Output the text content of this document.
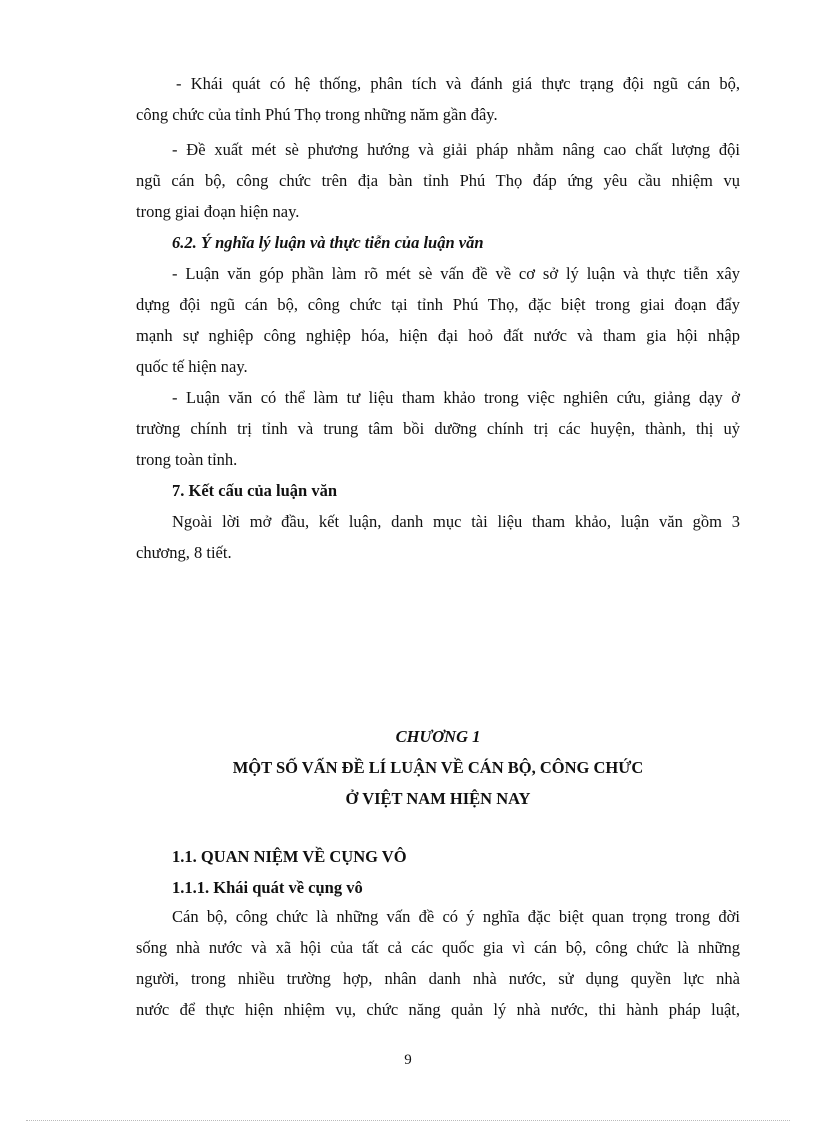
- Khái quát có hệ thống, phân tích và đánh giá thực trạng đội ngũ cán bộ,
công chức của tỉnh Phú Thọ trong những năm gần đây.
- Đề xuất mét sè phương hướng và giải pháp nhằm nâng cao chất lượng đội
ngũ cán bộ, công chức trên địa bàn tỉnh Phú Thọ đáp ứng yêu cầu nhiệm vụ
trong giai đoạn hiện nay.
6.2. Ý nghĩa lý luận và thực tiễn của luận văn
- Luận văn góp phần làm rõ mét sè vấn đề về cơ sở lý luận và thực tiễn xây
dựng đội ngũ cán bộ, công chức tại tỉnh Phú Thọ, đặc biệt trong giai đoạn đẩy
mạnh sự nghiệp công nghiệp hóa, hiện đại hoỏ đất nước và tham gia hội nhập
quốc tế hiện nay.
- Luận văn có thể làm tư liệu tham khảo trong việc nghiên cứu, giảng dạy ở
trường chính trị tỉnh và trung tâm bồi dưỡng chính trị các huyện, thành, thị uỷ
trong toàn tỉnh.
7. Kết cấu của luận văn
Ngoài lời mở đầu, kết luận, danh mục tài liệu tham khảo, luận văn gồm 3
chương, 8 tiết.
CHƯƠNG 1
MỘT SỐ VẤN ĐỀ LÍ LUẬN VỀ CÁN BỘ, CÔNG CHỨC
Ở VIỆT NAM HIỆN NAY
1.1. QUAN NIỆM VỀ CỤNG VÔ
1.1.1. Khái quát về cụng vô
Cán bộ, công chức là những vấn đề có ý nghĩa đặc biệt quan trọng trong đời
sống nhà nước và xã hội của tất cả các quốc gia vì cán bộ, công chức là những
người, trong nhiều trường hợp, nhân danh nhà nước, sử dụng quyền lực nhà
nước để thực hiện nhiệm vụ, chức năng quản lý nhà nước, thi hành pháp luật,
9
